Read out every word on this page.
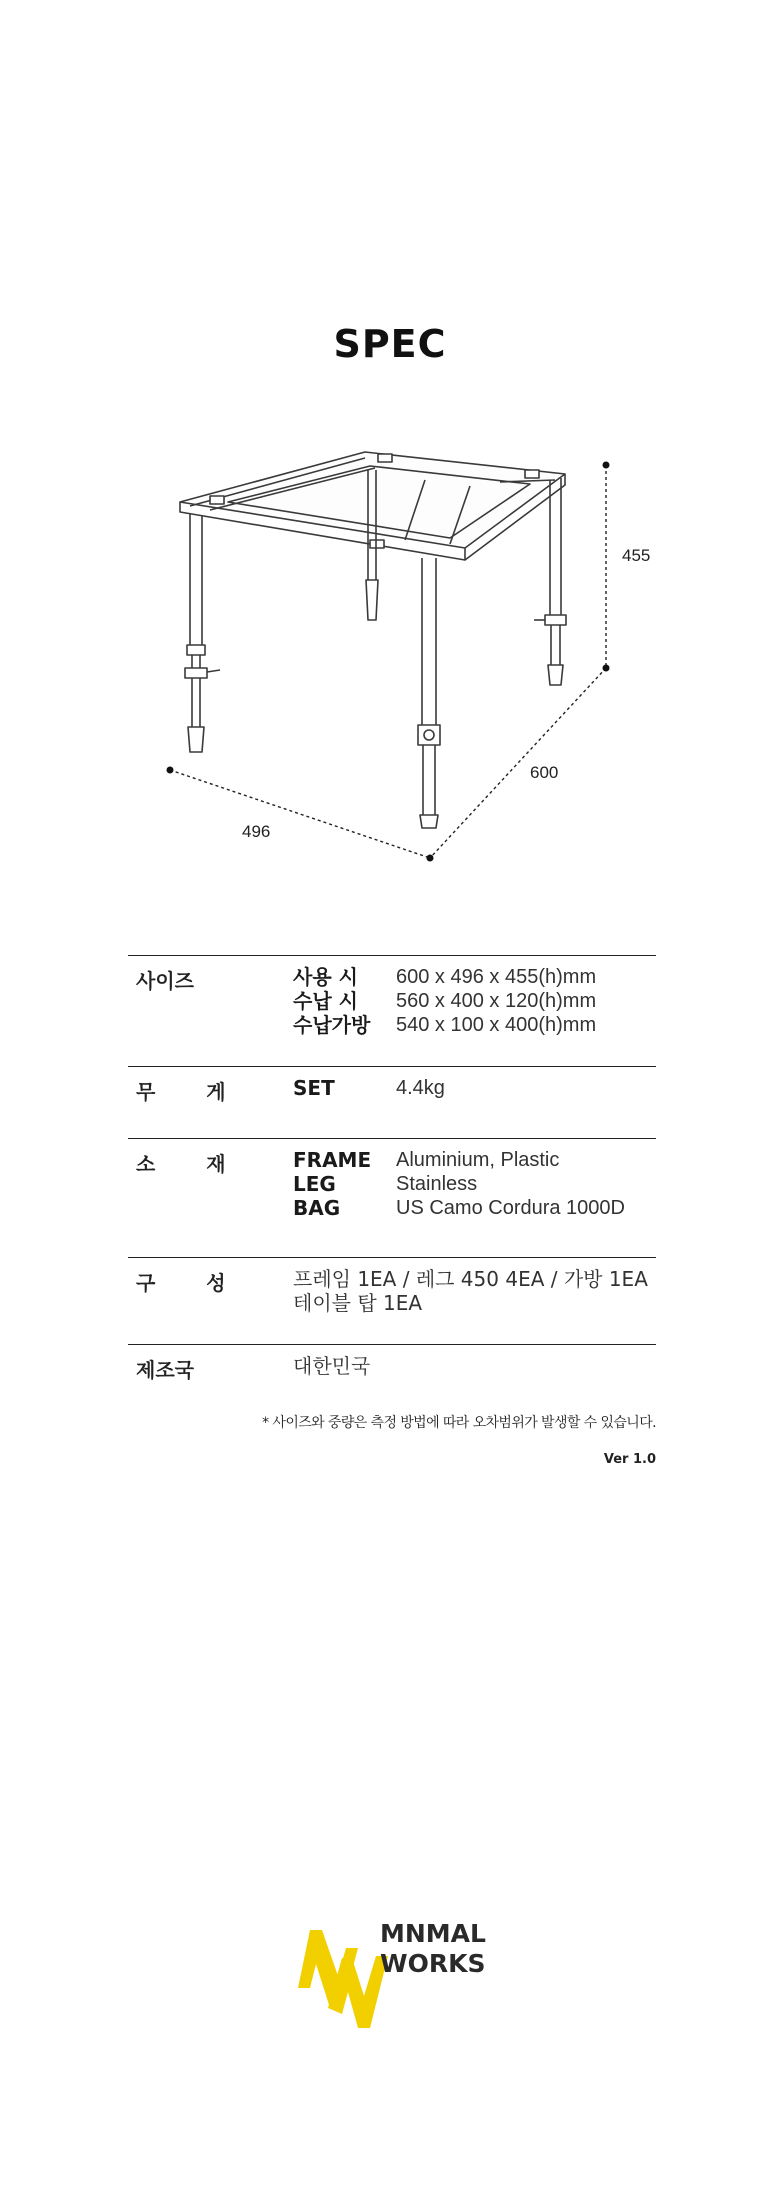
SPEC
455
600
496
사이즈	사용 시	600 x 496 x 455(h)mm
수납 시	560 x 400 x 120(h)mm
수납가방	540 x 100 x 400(h)mm
무 게	SET	4.4kg
소 재	FRAME	Aluminium, Plastic
LEG	Stainless
BAG	US Camo Cordura 1000D
구 성	프레임 1EA / 레그 450 4EA / 가방 1EA
테이블 탑 1EA
제조국	대한민국
* 사이즈와 중량은 측정 방법에 따라 오차범위가 발생할 수 있습니다.
Ver 1.0
MNMAL
WORKS
